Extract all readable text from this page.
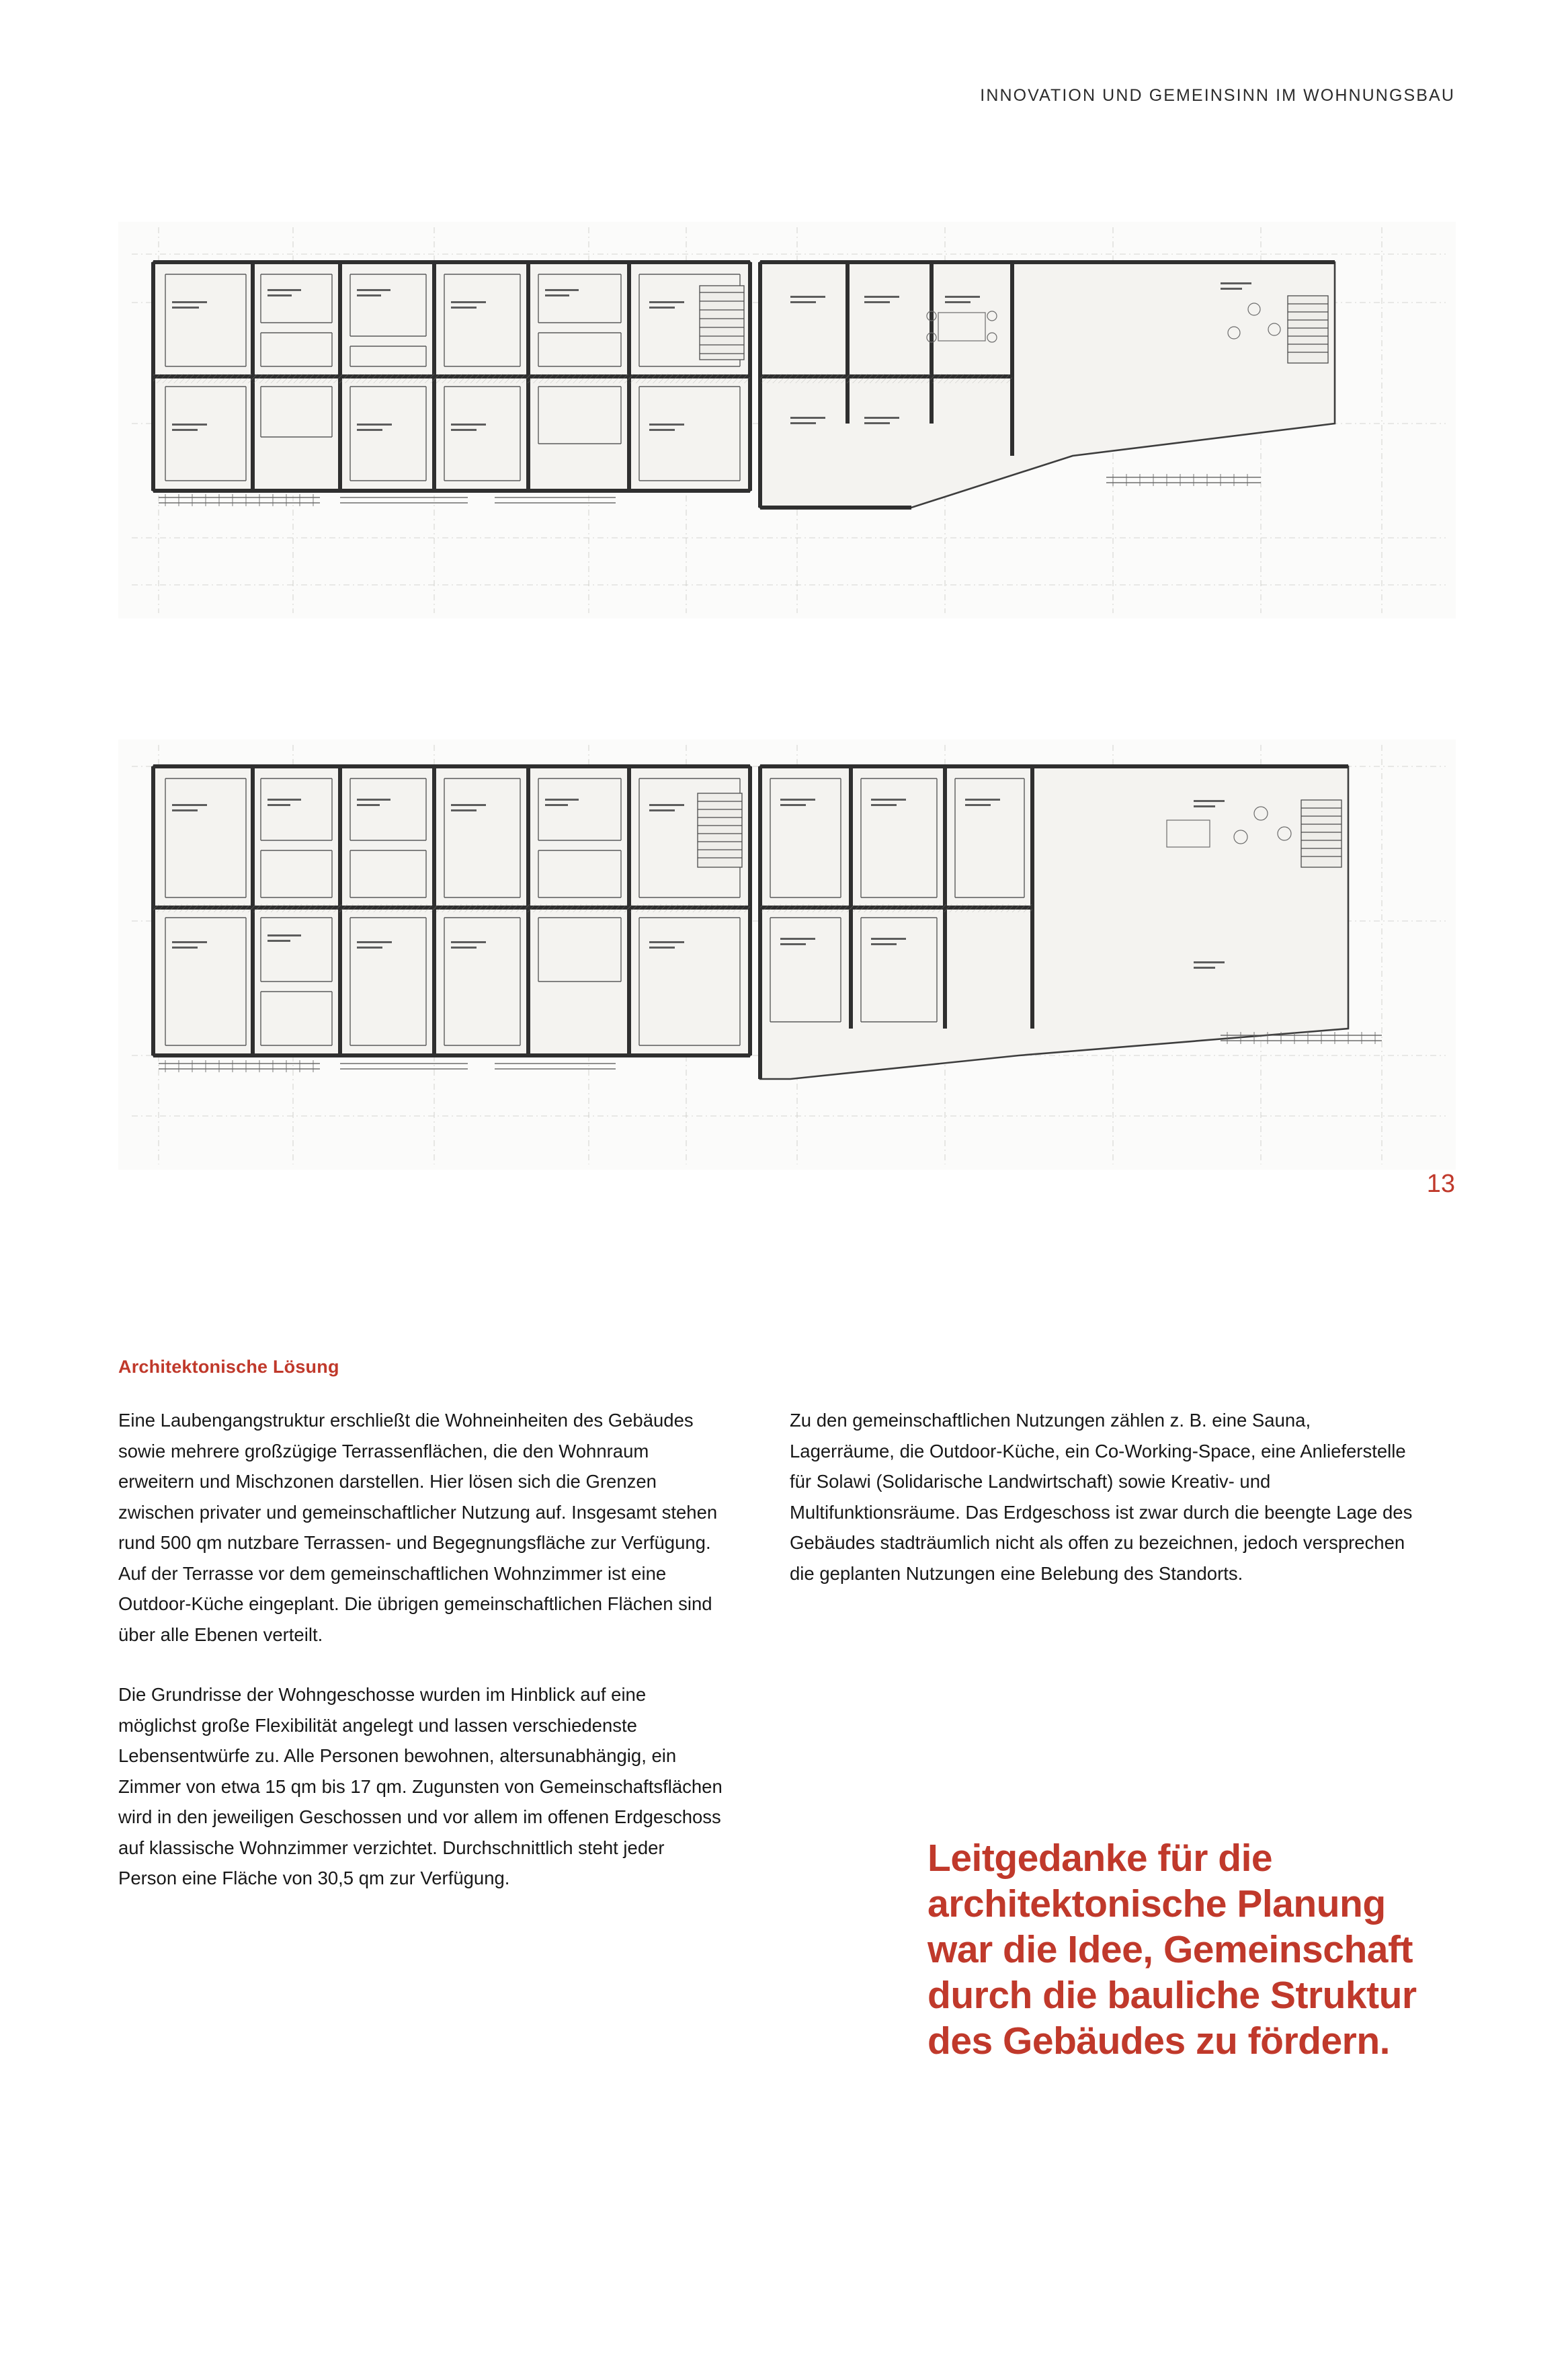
INNOVATION UND GEMEINSINN IM WOHNUNGSBAU
13
Architektonische Lösung

Eine Laubengangstruktur erschließt die Wohneinheiten des Gebäudes sowie mehrere großzügige Terrassenflächen, die den Wohnraum erweitern und Mischzonen darstellen. Hier lösen sich die Grenzen zwischen privater und gemeinschaftlicher Nutzung auf. Insgesamt stehen rund 500 qm nutzbare Terrassen- und Begegnungsfläche zur Verfügung. Auf der Terrasse vor dem gemeinschaftlichen Wohnzimmer ist eine Outdoor-Küche eingeplant. Die übrigen gemeinschaftlichen Flächen sind über alle Ebenen verteilt.

Die Grundrisse der Wohngeschosse wurden im Hinblick auf eine möglichst große Flexibilität angelegt und lassen verschiedenste Lebensentwürfe zu. Alle Personen bewohnen, altersunabhängig, ein Zimmer von etwa 15 qm bis 17 qm. Zugunsten von Gemeinschaftsflächen wird in den jeweiligen Geschossen und vor allem im offenen Erdgeschoss auf klassische Wohnzimmer verzichtet. Durchschnittlich steht jeder Person eine Fläche von 30,5 qm zur Verfügung.

Zu den gemeinschaftlichen Nutzungen zählen z. B. eine Sauna, Lagerräume, die Outdoor-Küche, ein Co-Working-Space, eine Anlieferstelle für Solawi (Solidarische Landwirtschaft) sowie Kreativ- und Multifunktionsräume. Das Erdgeschoss ist zwar durch die beengte Lage des Gebäudes stadträumlich nicht als offen zu bezeichnen, jedoch versprechen die geplanten Nutzungen eine Belebung des Standorts.

Leitgedanke für die architektonische Planung war die Idee, Gemeinschaft durch die bauliche Struktur des Gebäudes zu fördern.
